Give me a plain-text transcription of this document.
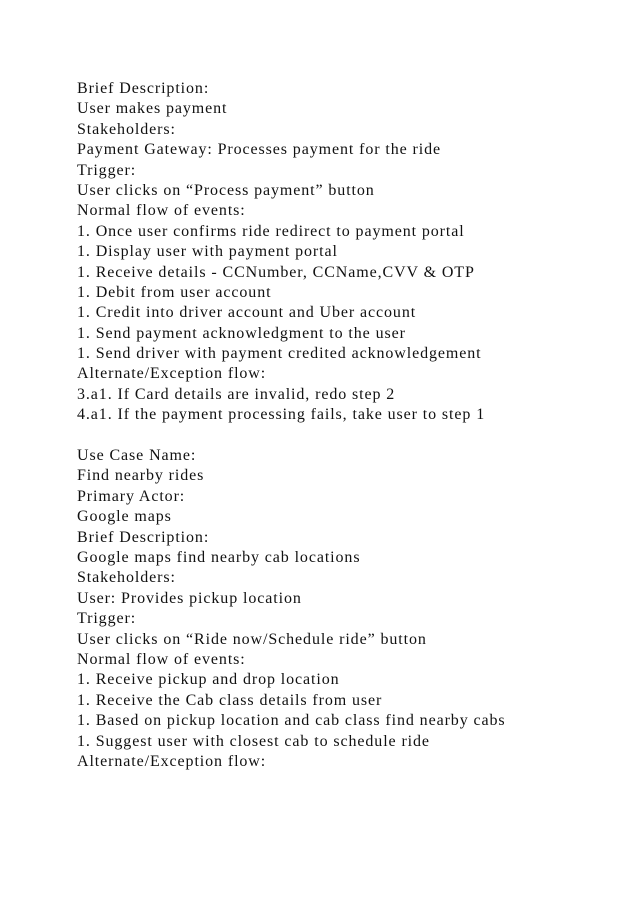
Brief Description:

User makes payment

Stakeholders:

Payment Gateway: Processes payment for the ride

Trigger:

User clicks on “Process payment” button

Normal flow of events:

1. Once user confirms ride redirect to payment portal

1. Display user with payment portal

1. Receive details - CCNumber, CCName,CVV & OTP

1. Debit from user account

1. Credit into driver account and Uber account

1. Send payment acknowledgment to the user

1. Send driver with payment credited acknowledgement

Alternate/Exception flow:

3.a1. If Card details are invalid, redo step 2

4.a1. If the payment processing fails, take user to step 1

Use Case Name:

Find nearby rides

Primary Actor:

Google maps

Brief Description:

Google maps find nearby cab locations

Stakeholders:

User: Provides pickup location

Trigger:

User clicks on “Ride now/Schedule ride” button

Normal flow of events:

1. Receive pickup and drop location

1. Receive the Cab class details from user

1. Based on pickup location and cab class find nearby cabs

1. Suggest user with closest cab to schedule ride

Alternate/Exception flow:
